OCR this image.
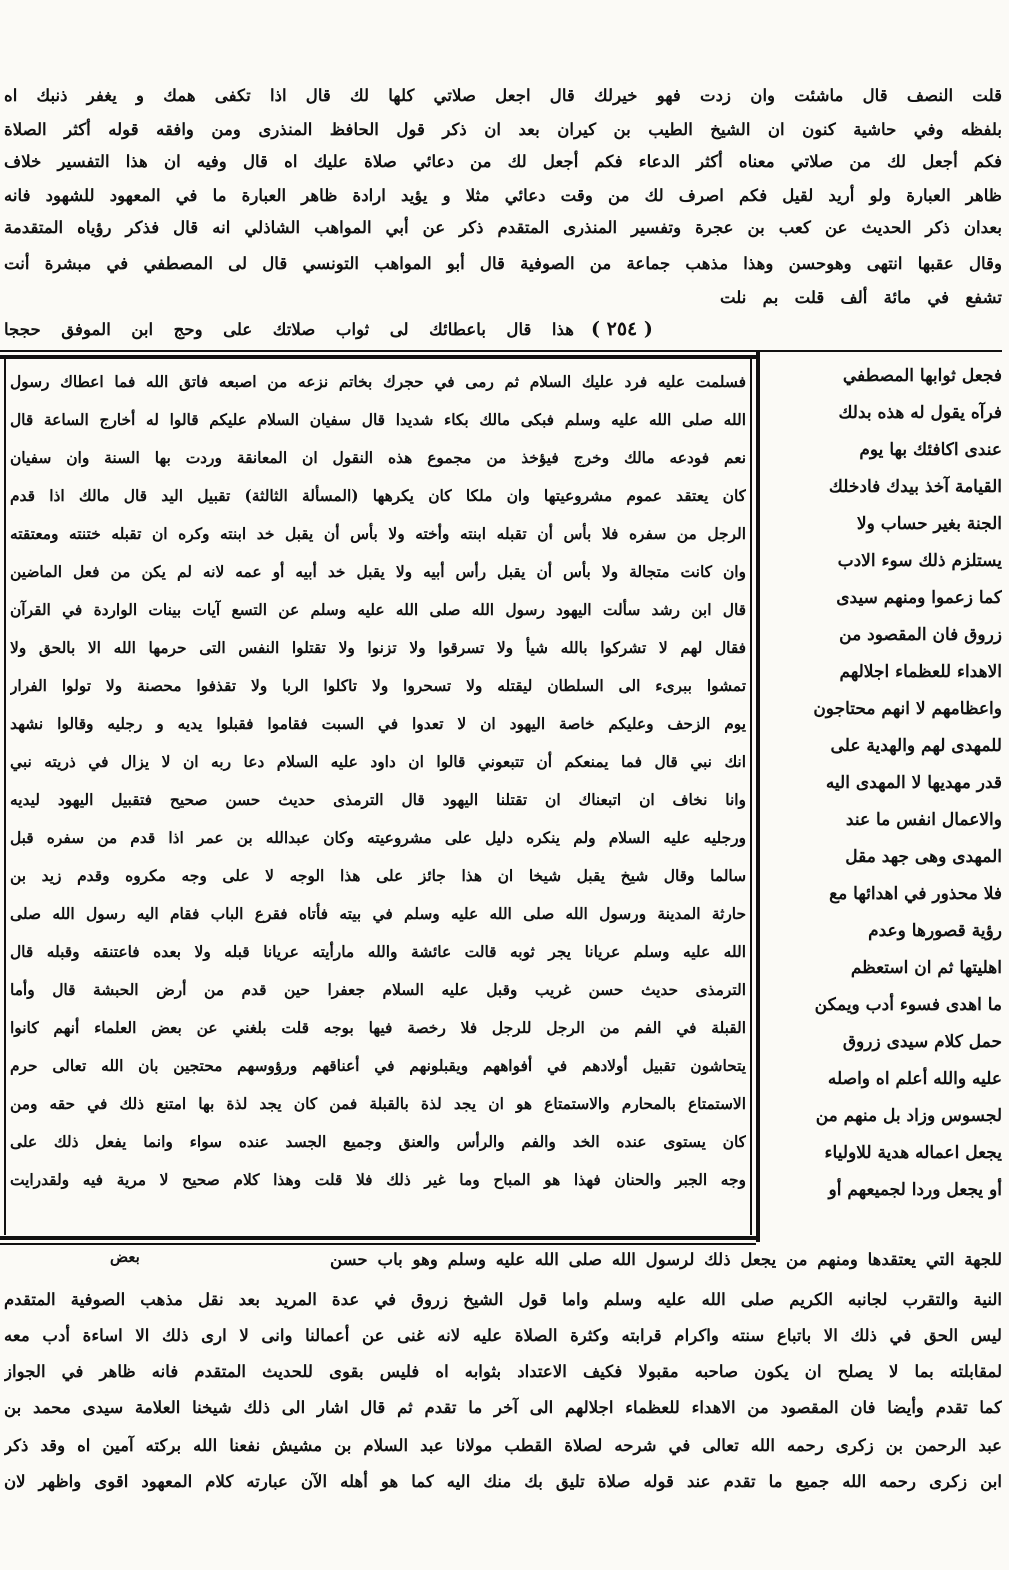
قلت النصف قال ماشئت وان زدت فهو خيرلك قال اجعل صلاتي كلها لك قال اذا تكفى همك و يغفر ذنبك اه
بلفظه وفي حاشية كنون ان الشيخ الطيب بن كيران بعد ان ذكر قول الحافظ المنذرى ومن وافقه قوله أكثر الصلاة
فكم أجعل لك من صلاتي معناه أكثر الدعاء فكم أجعل لك من دعائي صلاة عليك اه قال وفيه ان هذا التفسير خلاف
ظاهر العبارة ولو أريد لقيل فكم اصرف لك من وقت دعائي مثلا و يؤيد ارادة ظاهر العبارة ما في المعهود للشهود فانه
بعدان ذكر الحديث عن كعب بن عجرة وتفسير المنذرى المتقدم ذكر عن أبي المواهب الشاذلي انه قال فذكر رؤياه المتقدمة
وقال عقبها انتهى وهوحسن وهذا مذهب جماعة من الصوفية قال أبو المواهب التونسي قال لى المصطفي في مبشرة أنت
تشفع في مائة ألف قلت بم نلت
( ٢٥٤ )
هذا قال باعطائك لى ثواب صلاتك على وحج ابن الموفق حججا
فسلمت عليه فرد عليك السلام ثم رمى في حجرك بخاتم نزعه من اصبعه فاتق الله فما اعطاك رسول
الله صلى الله عليه وسلم فبكى مالك بكاء شديدا قال سفيان السلام عليكم قالوا له أخارج الساعة قال
نعم فودعه مالك وخرج فيؤخذ من مجموع هذه النقول ان المعانقة وردت بها السنة وان سفيان
كان يعتقد عموم مشروعيتها وان ملكا كان يكرهها (المسألة الثالثة) تقبيل اليد قال مالك اذا قدم
الرجل من سفره فلا بأس أن تقبله ابنته وأخته ولا بأس أن يقبل خد ابنته وكره ان تقبله ختنته ومعتقته
وان كانت متجالة ولا بأس أن يقبل رأس أبيه ولا يقبل خد أبيه أو عمه لانه لم يكن من فعل الماضين
قال ابن رشد سألت اليهود رسول الله صلى الله عليه وسلم عن التسع آيات بينات الواردة في القرآن
فقال لهم لا تشركوا بالله شيأ ولا تسرقوا ولا تزنوا ولا تقتلوا النفس التى حرمها الله الا بالحق ولا
تمشوا ببرىء الى السلطان ليقتله ولا تسحروا ولا تاكلوا الربا ولا تقذفوا محصنة ولا تولوا الفرار
يوم الزحف وعليكم خاصة اليهود ان لا تعدوا في السبت فقاموا فقبلوا يديه و رجليه وقالوا نشهد
انك نبي قال فما يمنعكم أن تتبعوني قالوا ان داود عليه السلام دعا ربه ان لا يزال في ذريته نبي
وانا نخاف ان اتبعناك ان تقتلنا اليهود قال الترمذى حديث حسن صحيح فتقبيل اليهود ليديه
ورجليه عليه السلام ولم ينكره دليل على مشروعيته وكان عبدالله بن عمر اذا قدم من سفره قبل
سالما وقال شيخ يقبل شيخا ان هذا جائز على هذا الوجه لا على وجه مكروه وقدم زيد بن
حارثة المدينة ورسول الله صلى الله عليه وسلم في بيته فأتاه فقرع الباب فقام اليه رسول الله صلى
الله عليه وسلم عريانا يجر ثوبه قالت عائشة والله مارأيته عريانا قبله ولا بعده فاعتنقه وقبله قال
الترمذى حديث حسن غريب وقبل عليه السلام جعفرا حين قدم من أرض الحبشة قال وأما
القبلة في الفم من الرجل للرجل فلا رخصة فيها بوجه قلت بلغني عن بعض العلماء أنهم كانوا
يتحاشون تقبيل أولادهم في أفواههم ويقبلونهم في أعناقهم ورؤوسهم محتجين بان الله تعالى حرم
الاستمتاع بالمحارم والاستمتاع هو ان يجد لذة بالقبلة فمن كان يجد لذة بها امتنع ذلك في حقه ومن
كان يستوى عنده الخد والفم والرأس والعنق وجميع الجسد عنده سواء وانما يفعل ذلك على
وجه الجبر والحنان فهذا هو المباح وما غير ذلك فلا قلت وهذا كلام صحيح لا مرية فيه ولقدرايت
فجعل ثوابها المصطفي
فرآه يقول له هذه بدلك
عندى اكافئك بها يوم
القيامة آخذ بيدك فادخلك
الجنة بغير حساب ولا
يستلزم ذلك سوء الادب
كما زعموا ومنهم سيدى
زروق فان المقصود من
الاهداء للعظماء اجلالهم
واعظامهم لا انهم محتاجون
للمهدى لهم والهدية على
قدر مهديها لا المهدى اليه
والاعمال انفس ما عند
المهدى وهى جهد مقل
فلا محذور في اهدائها مع
رؤية قصورها وعدم
اهليتها ثم ان استعظم
ما اهدى فسوء أدب ويمكن
حمل كلام سيدى زروق
عليه والله أعلم اه واصله
لجسوس وزاد بل منهم من
يجعل اعماله هدية للاولياء
أو يجعل وردا لجميعهم أو
بعض	للجهة التي يعتقدها ومنهم من يجعل ذلك لرسول الله صلى الله عليه وسلم وهو باب حسن
النية والتقرب لجانبه الكريم صلى الله عليه وسلم واما قول الشيخ زروق في عدة المريد بعد نقل مذهب الصوفية المتقدم
ليس الحق في ذلك الا باتباع سنته واكرام قرابته وكثرة الصلاة عليه لانه غنى عن أعمالنا وانى لا ارى ذلك الا اساءة أدب معه
لمقابلته بما لا يصلح ان يكون صاحبه مقبولا فكيف الاعتداد بثوابه اه فليس بقوى للحديث المتقدم فانه ظاهر في الجواز
كما تقدم وأيضا فان المقصود من الاهداء للعظماء اجلالهم الى آخر ما تقدم ثم قال اشار الى ذلك شيخنا العلامة سيدى محمد بن
عبد الرحمن بن زكرى رحمه الله تعالى في شرحه لصلاة القطب مولانا عبد السلام بن مشيش نفعنا الله بركته آمين اه وقد ذكر
ابن زكرى رحمه الله جميع ما تقدم عند قوله صلاة تليق بك منك اليه كما هو أهله الآن عبارته كلام المعهود اقوى واظهر لان
